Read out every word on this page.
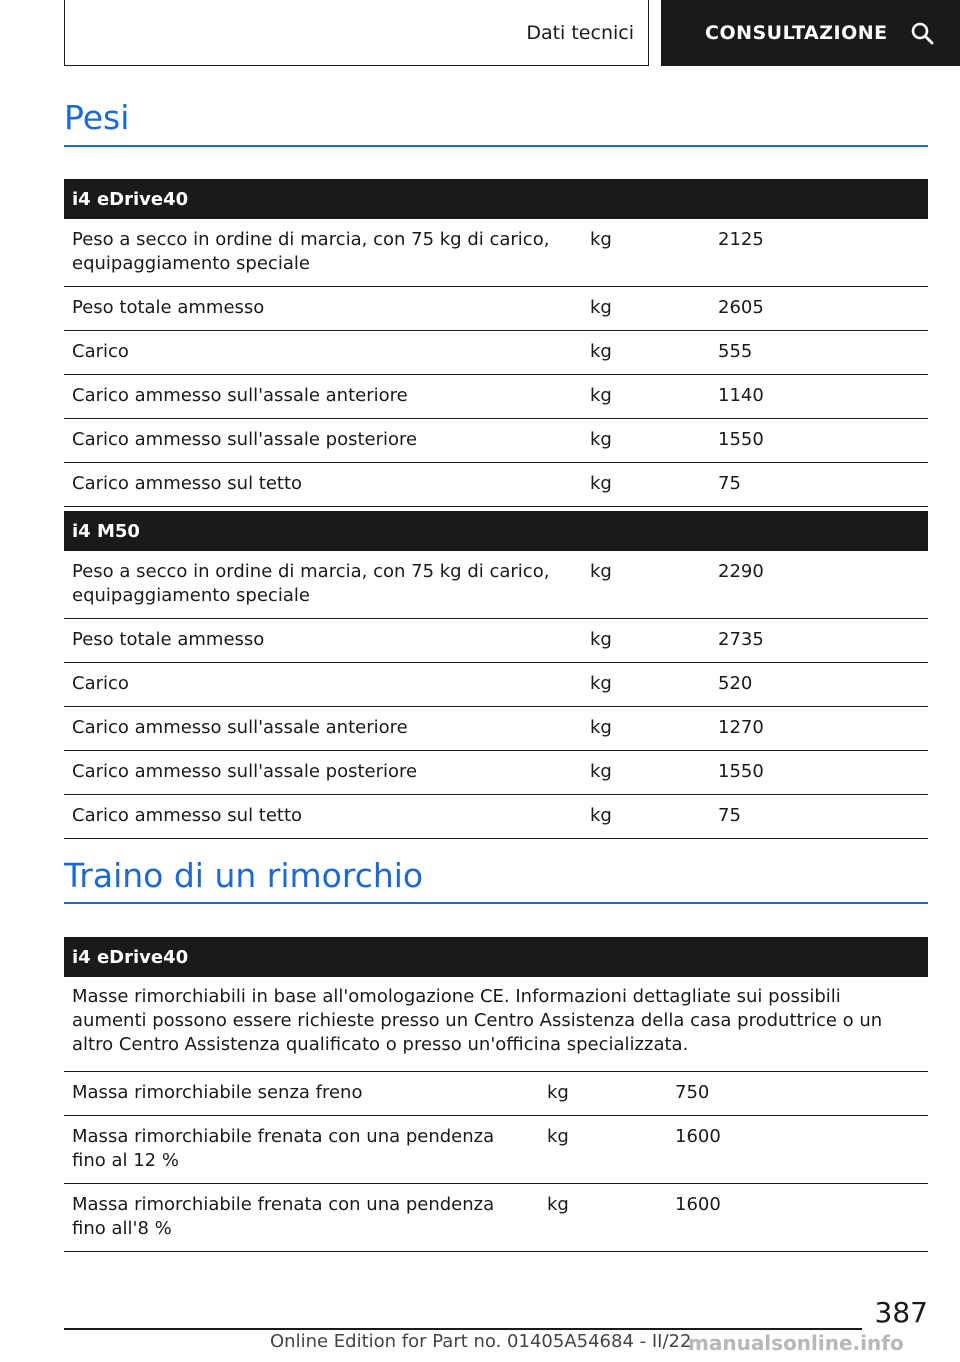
Dati tecnici	CONSULTAZIONE
Pesi
i4 eDrive40		
Peso a secco in ordine di marcia, con 75 kg di carico, equipaggiamento speciale	kg	2125
Peso totale ammesso	kg	2605
Carico	kg	555
Carico ammesso sull'assale anteriore	kg	1140
Carico ammesso sull'assale posteriore	kg	1550
Carico ammesso sul tetto	kg	75
i4 M50		
Peso a secco in ordine di marcia, con 75 kg di carico, equipaggiamento speciale	kg	2290
Peso totale ammesso	kg	2735
Carico	kg	520
Carico ammesso sull'assale anteriore	kg	1270
Carico ammesso sull'assale posteriore	kg	1550
Carico ammesso sul tetto	kg	75
Traino di un rimorchio
i4 eDrive40		
Masse rimorchiabili in base all'omologazione CE. Informazioni dettagliate sui possibili aumenti possono essere richieste presso un Centro Assistenza della casa produttrice o un altro Centro Assistenza qualificato o presso un'officina specializzata.		
Massa rimorchiabile senza freno	kg	750
Massa rimorchiabile frenata con una pendenza fino al 12 %	kg	1600
Massa rimorchiabile frenata con una pendenza fino all'8 %	kg	1600
387
Online Edition for Part no. 01405A54684 - II/22
manualsonline.info
